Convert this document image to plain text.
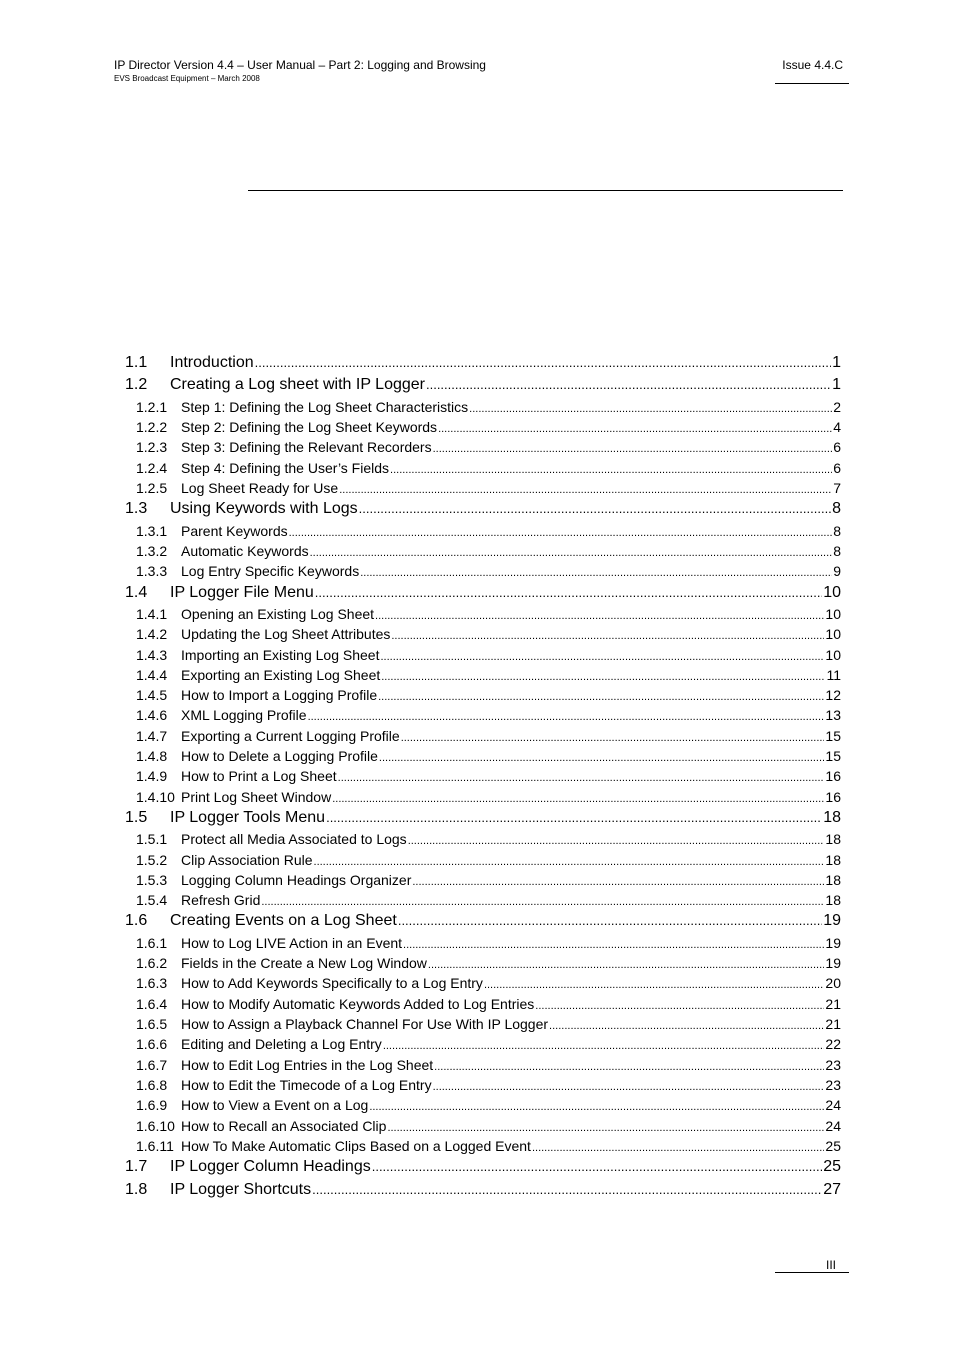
IP Director Version 4.4 – User Manual – Part 2: Logging and Browsing
EVS Broadcast Equipment – March 2008
Issue 4.4.C
1.1	Introduction .....	1
1.2	Creating a Log sheet with IP Logger .....	1
1.2.1 Step 1: Defining the Log Sheet Characteristics .....	2
1.2.2 Step 2: Defining the Log Sheet Keywords .....	4
1.2.3 Step 3: Defining the Relevant Recorders .....	6
1.2.4 Step 4: Defining the User’s Fields .....	6
1.2.5 Log Sheet Ready for Use .....	7
1.3	Using Keywords with Logs .....	8
1.3.1 Parent Keywords .....	8
1.3.2 Automatic Keywords .....	8
1.3.3 Log Entry Specific Keywords .....	9
1.4	IP Logger File Menu .....	10
1.4.1 Opening an Existing Log Sheet .....	10
1.4.2 Updating the Log Sheet Attributes .....	10
1.4.3 Importing an Existing Log Sheet .....	10
1.4.4 Exporting an Existing Log Sheet .....	11
1.4.5 How to Import a Logging Profile .....	12
1.4.6 XML Logging Profile .....	13
1.4.7 Exporting a Current Logging Profile .....	15
1.4.8 How to Delete a Logging Profile .....	15
1.4.9 How to Print a Log Sheet .....	16
1.4.10 Print Log Sheet Window .....	16
1.5	IP Logger Tools Menu .....	18
1.5.1 Protect all Media Associated to Logs .....	18
1.5.2 Clip Association Rule .....	18
1.5.3 Logging Column Headings Organizer .....	18
1.5.4 Refresh Grid .....	18
1.6	Creating Events on a Log Sheet .....	19
1.6.1 How to Log LIVE Action in an Event .....	19
1.6.2 Fields in the Create a New Log Window .....	19
1.6.3 How to Add Keywords Specifically to a Log Entry .....	20
1.6.4 How to Modify Automatic Keywords Added to Log Entries .....	21
1.6.5 How to Assign a Playback Channel For Use With IP Logger .....	21
1.6.6 Editing and Deleting a Log Entry .....	22
1.6.7 How to Edit Log Entries in the Log Sheet .....	23
1.6.8 How to Edit the Timecode of a Log Entry .....	23
1.6.9 How to View a Event on a Log .....	24
1.6.10 How to Recall an Associated Clip .....	24
1.6.11 How To Make Automatic Clips Based on a Logged Event .....	25
1.7	IP Logger Column Headings .....	25
1.8	IP Logger Shortcuts .....	27
III
